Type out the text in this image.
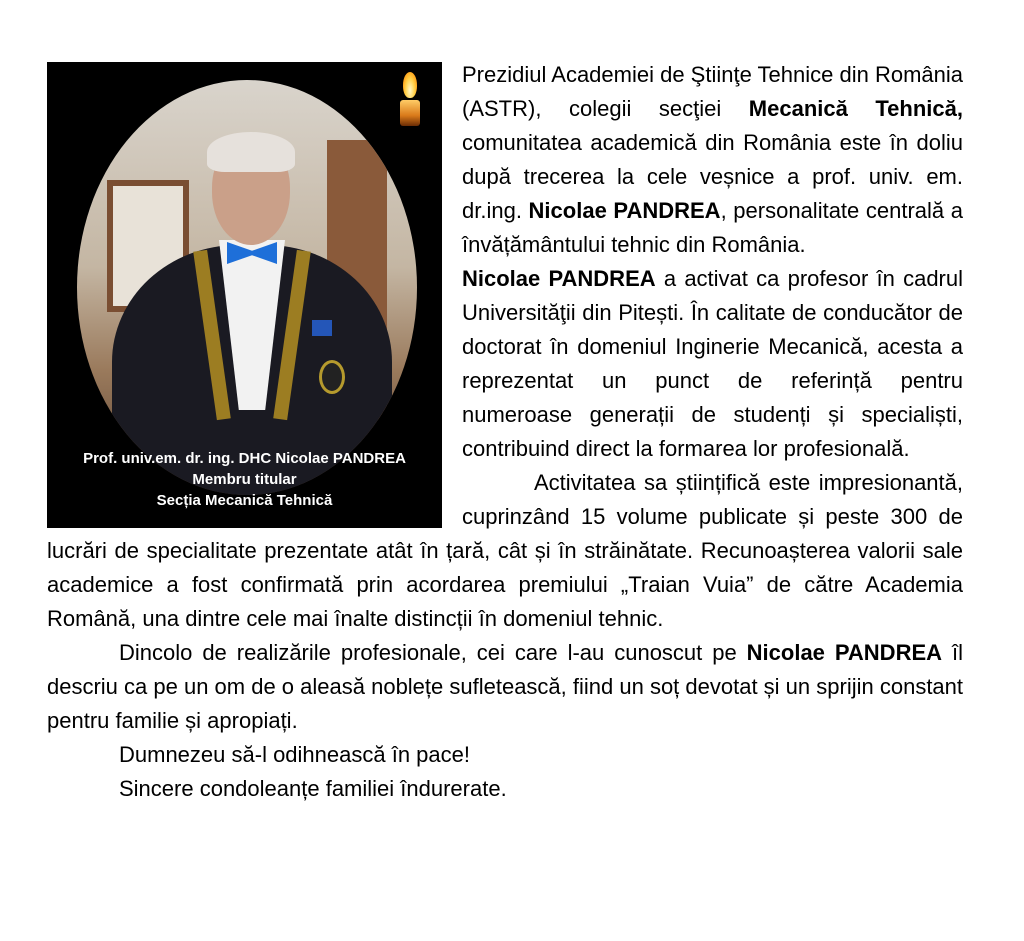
Prof. univ.em. dr. ing. DHC Nicolae PANDREA
Membru titular
Secția Mecanică Tehnică

Prezidiul Academiei de Ştiinţe Tehnice din România (ASTR), colegii secţiei Mecanică Tehnică, comunitatea academică din România este în doliu după trecerea la cele veșnice a prof. univ. em. dr.ing. Nicolae PANDREA, personalitate centrală a învățământului tehnic din România.

Nicolae PANDREA a activat ca profesor în cadrul Universităţii din Pitești. În calitate de conducător de doctorat în domeniul Inginerie Mecanică, acesta a reprezentat un punct de referință pentru numeroase generații de studenți și specialiști, contribuind direct la formarea lor profesională.

Activitatea sa științifică este impresionantă, cuprinzând 15 volume publicate și peste 300 de lucrări de specialitate prezentate atât în țară, cât și în străinătate. Recunoașterea valorii sale academice a fost confirmată prin acordarea premiului „Traian Vuia” de către Academia Română, una dintre cele mai înalte distincții în domeniul tehnic.

Dincolo de realizările profesionale, cei care l-au cunoscut pe Nicolae PANDREA îl descriu ca pe un om de o aleasă noblețe sufletească, fiind un soț devotat și un sprijin constant pentru familie și apropiați.

Dumnezeu să-l odihnească în pace!

Sincere condoleanțe familiei îndurerate.
